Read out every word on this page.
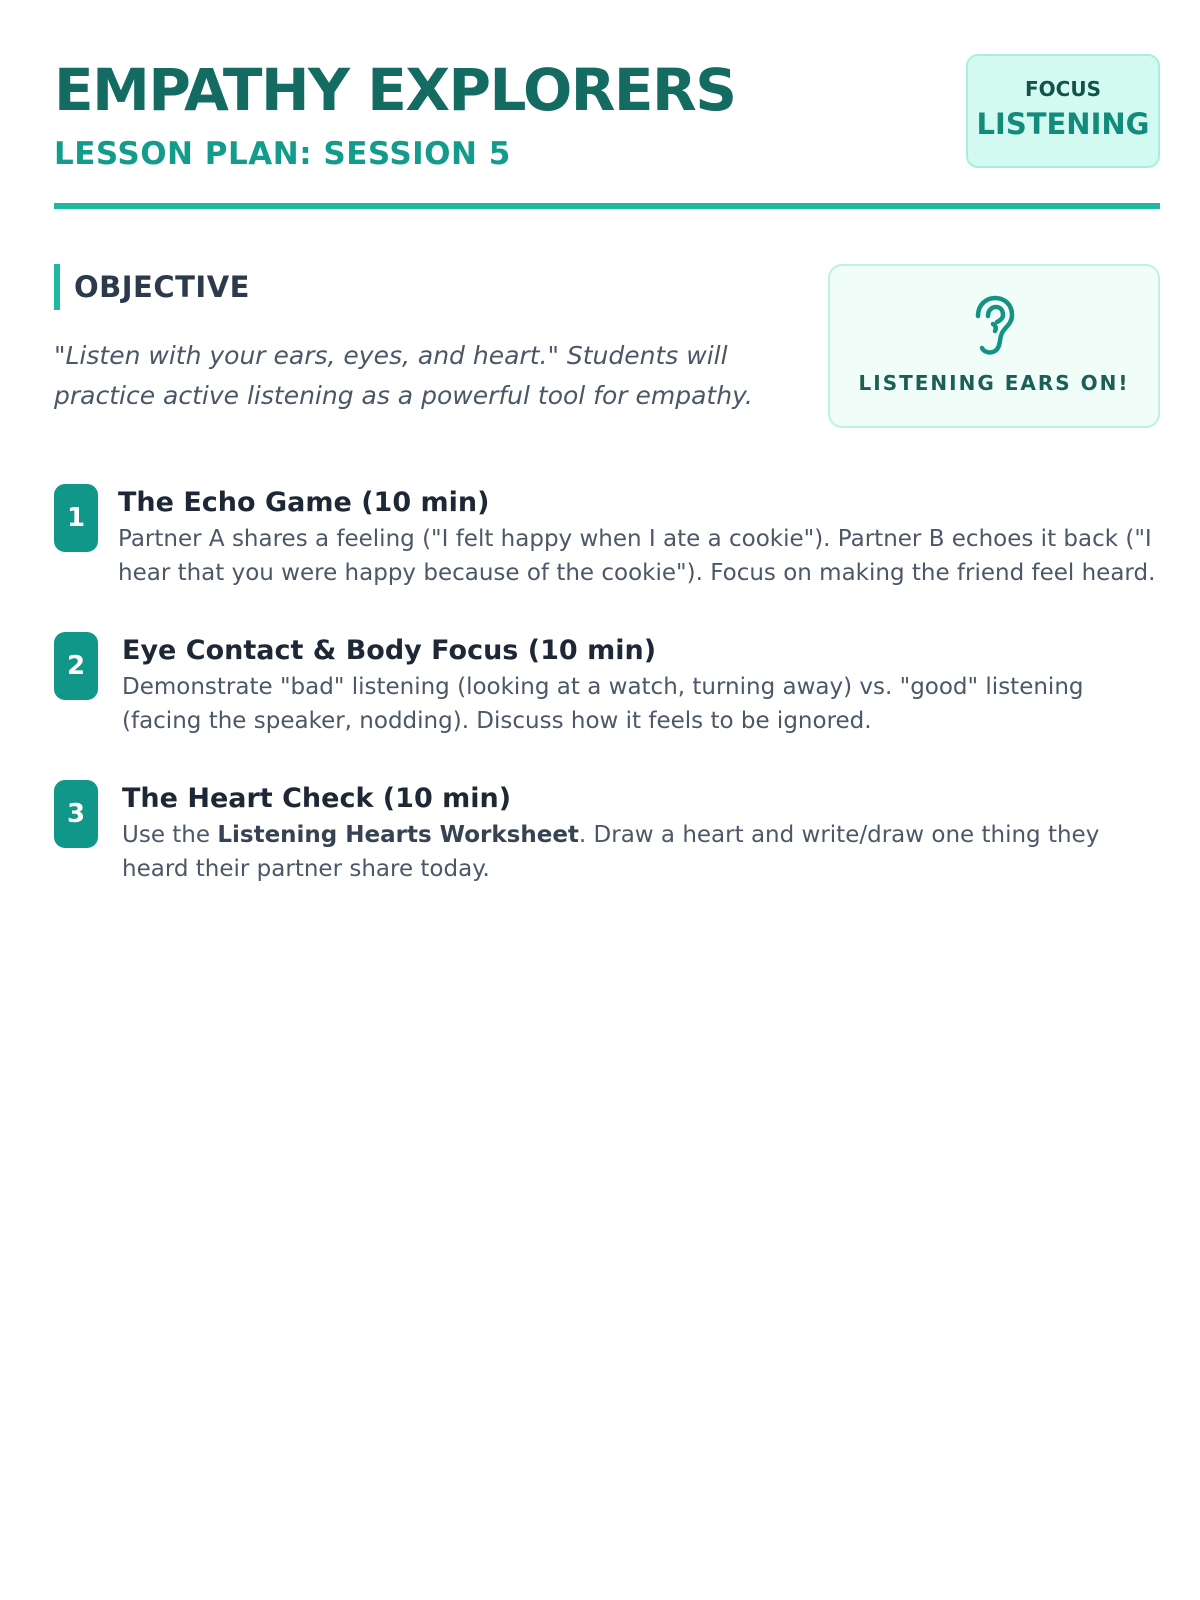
EMPATHY EXPLORERS
LESSON PLAN: SESSION 5
FOCUS
LISTENING
OBJECTIVE

"Listen with your ears, eyes, and heart." Students will practice active listening as a powerful tool for empathy.	LISTENING EARS ON!
1	The Echo Game (10 min)

Partner A shares a feeling ("I felt happy when I ate a cookie"). Partner B echoes it back ("I hear that you were happy because of the cookie"). Focus on making the friend feel heard.

2	Eye Contact & Body Focus (10 min)

Demonstrate "bad" listening (looking at a watch, turning away) vs. "good" listening (facing the speaker, nodding). Discuss how it feels to be ignored.

3	The Heart Check (10 min)

Use the Listening Hearts Worksheet. Draw a heart and write/draw one thing they heard their partner share today.
